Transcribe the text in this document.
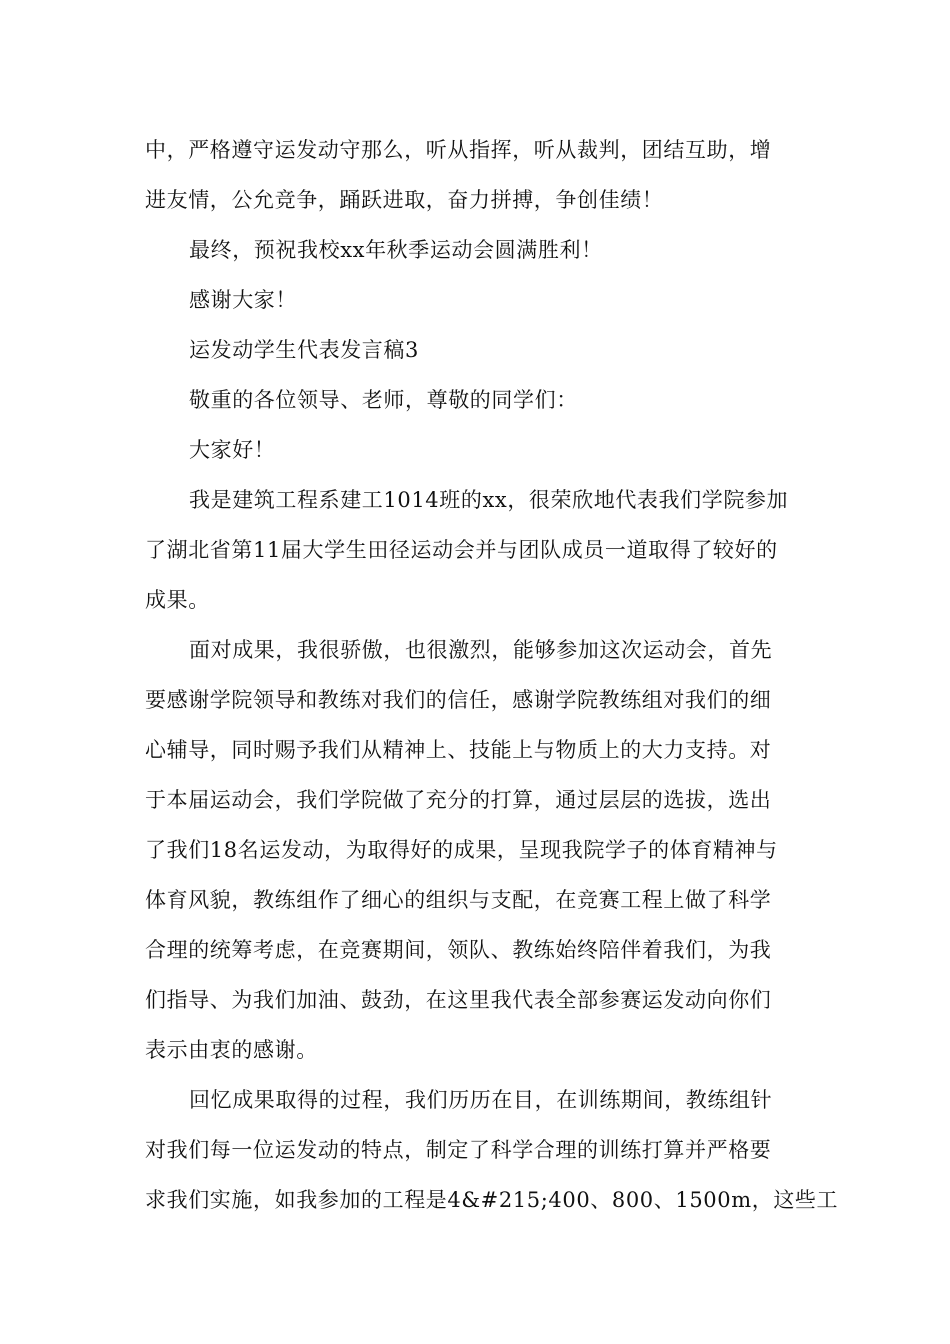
中，严格遵守运发动守那么，听从指挥，听从裁判，团结互助，增
进友情，公允竞争，踊跃进取，奋力拼搏，争创佳绩！
最终，预祝我校xx年秋季运动会圆满胜利！
感谢大家！
运发动学生代表发言稿3
敬重的各位领导、老师，尊敬的同学们：
大家好！
我是建筑工程系建工1014班的xx，很荣欣地代表我们学院参加
了湖北省第11届大学生田径运动会并与团队成员一道取得了较好的
成果。
面对成果，我很骄傲，也很激烈，能够参加这次运动会，首先
要感谢学院领导和教练对我们的信任，感谢学院教练组对我们的细
心辅导，同时赐予我们从精神上、技能上与物质上的大力支持。对
于本届运动会，我们学院做了充分的打算，通过层层的选拔，选出
了我们18名运发动，为取得好的成果，呈现我院学子的体育精神与
体育风貌，教练组作了细心的组织与支配，在竞赛工程上做了科学
合理的统筹考虑，在竞赛期间，领队、教练始终陪伴着我们，为我
们指导、为我们加油、鼓劲，在这里我代表全部参赛运发动向你们
表示由衷的感谢。
回忆成果取得的过程，我们历历在目，在训练期间，教练组针
对我们每一位运发动的特点，制定了科学合理的训练打算并严格要
求我们实施，如我参加的工程是4&#215;400、800、1500m，这些工
